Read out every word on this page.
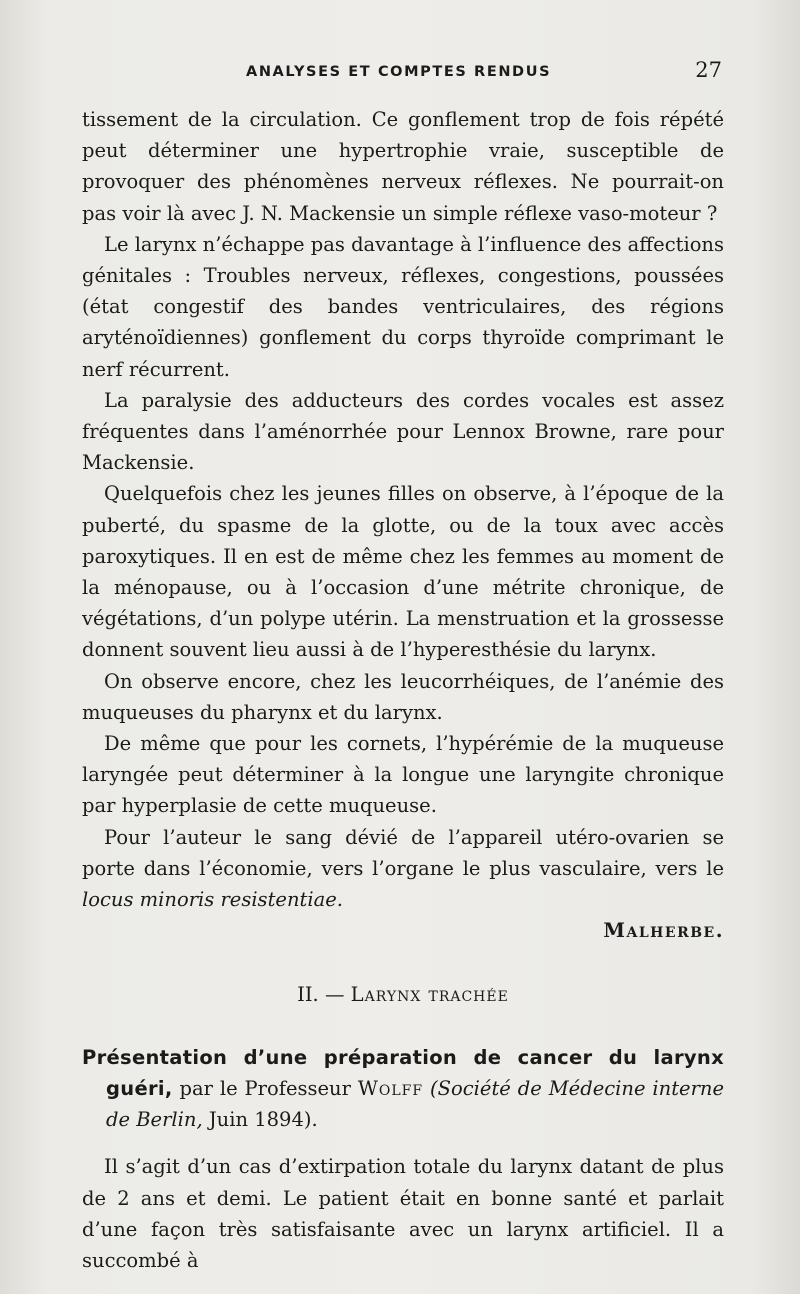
ANALYSES ET COMPTES RENDUS	27

tissement de la circulation. Ce gonflement trop de fois répété peut déterminer une hypertrophie vraie, susceptible de provoquer des phénomènes nerveux réflexes. Ne pourrait-on pas voir là avec J. N. Mackensie un simple réflexe vaso-moteur ?

Le larynx n’échappe pas davantage à l’influence des affections génitales : Troubles nerveux, réflexes, congestions, poussées (état congestif des bandes ventriculaires, des régions aryténoïdiennes) gonflement du corps thyroïde comprimant le nerf récurrent.

La paralysie des adducteurs des cordes vocales est assez fréquentes dans l’aménorrhée pour Lennox Browne, rare pour Mackensie.

Quelquefois chez les jeunes filles on observe, à l’époque de la puberté, du spasme de la glotte, ou de la toux avec accès paroxytiques. Il en est de même chez les femmes au moment de la ménopause, ou à l’occasion d’une métrite chronique, de végétations, d’un polype utérin. La menstruation et la grossesse donnent souvent lieu aussi à de l’hyperesthésie du larynx.

On observe encore, chez les leucorrhéiques, de l’anémie des muqueuses du pharynx et du larynx.

De même que pour les cornets, l’hypérémie de la muqueuse laryngée peut déterminer à la longue une laryngite chronique par hyperplasie de cette muqueuse.

Pour l’auteur le sang dévié de l’appareil utéro-ovarien se porte dans l’économie, vers l’organe le plus vasculaire, vers le locus minoris resistentiae.

Malherbe.

II. — Larynx trachée

Présentation d’une préparation de cancer du larynx guéri, par le Professeur Wolff (Société de Médecine interne de Berlin, Juin 1894).

Il s’agit d’un cas d’extirpation totale du larynx datant de plus de 2 ans et demi. Le patient était en bonne santé et parlait d’une façon très satisfaisante avec un larynx artificiel. Il a succombé à
